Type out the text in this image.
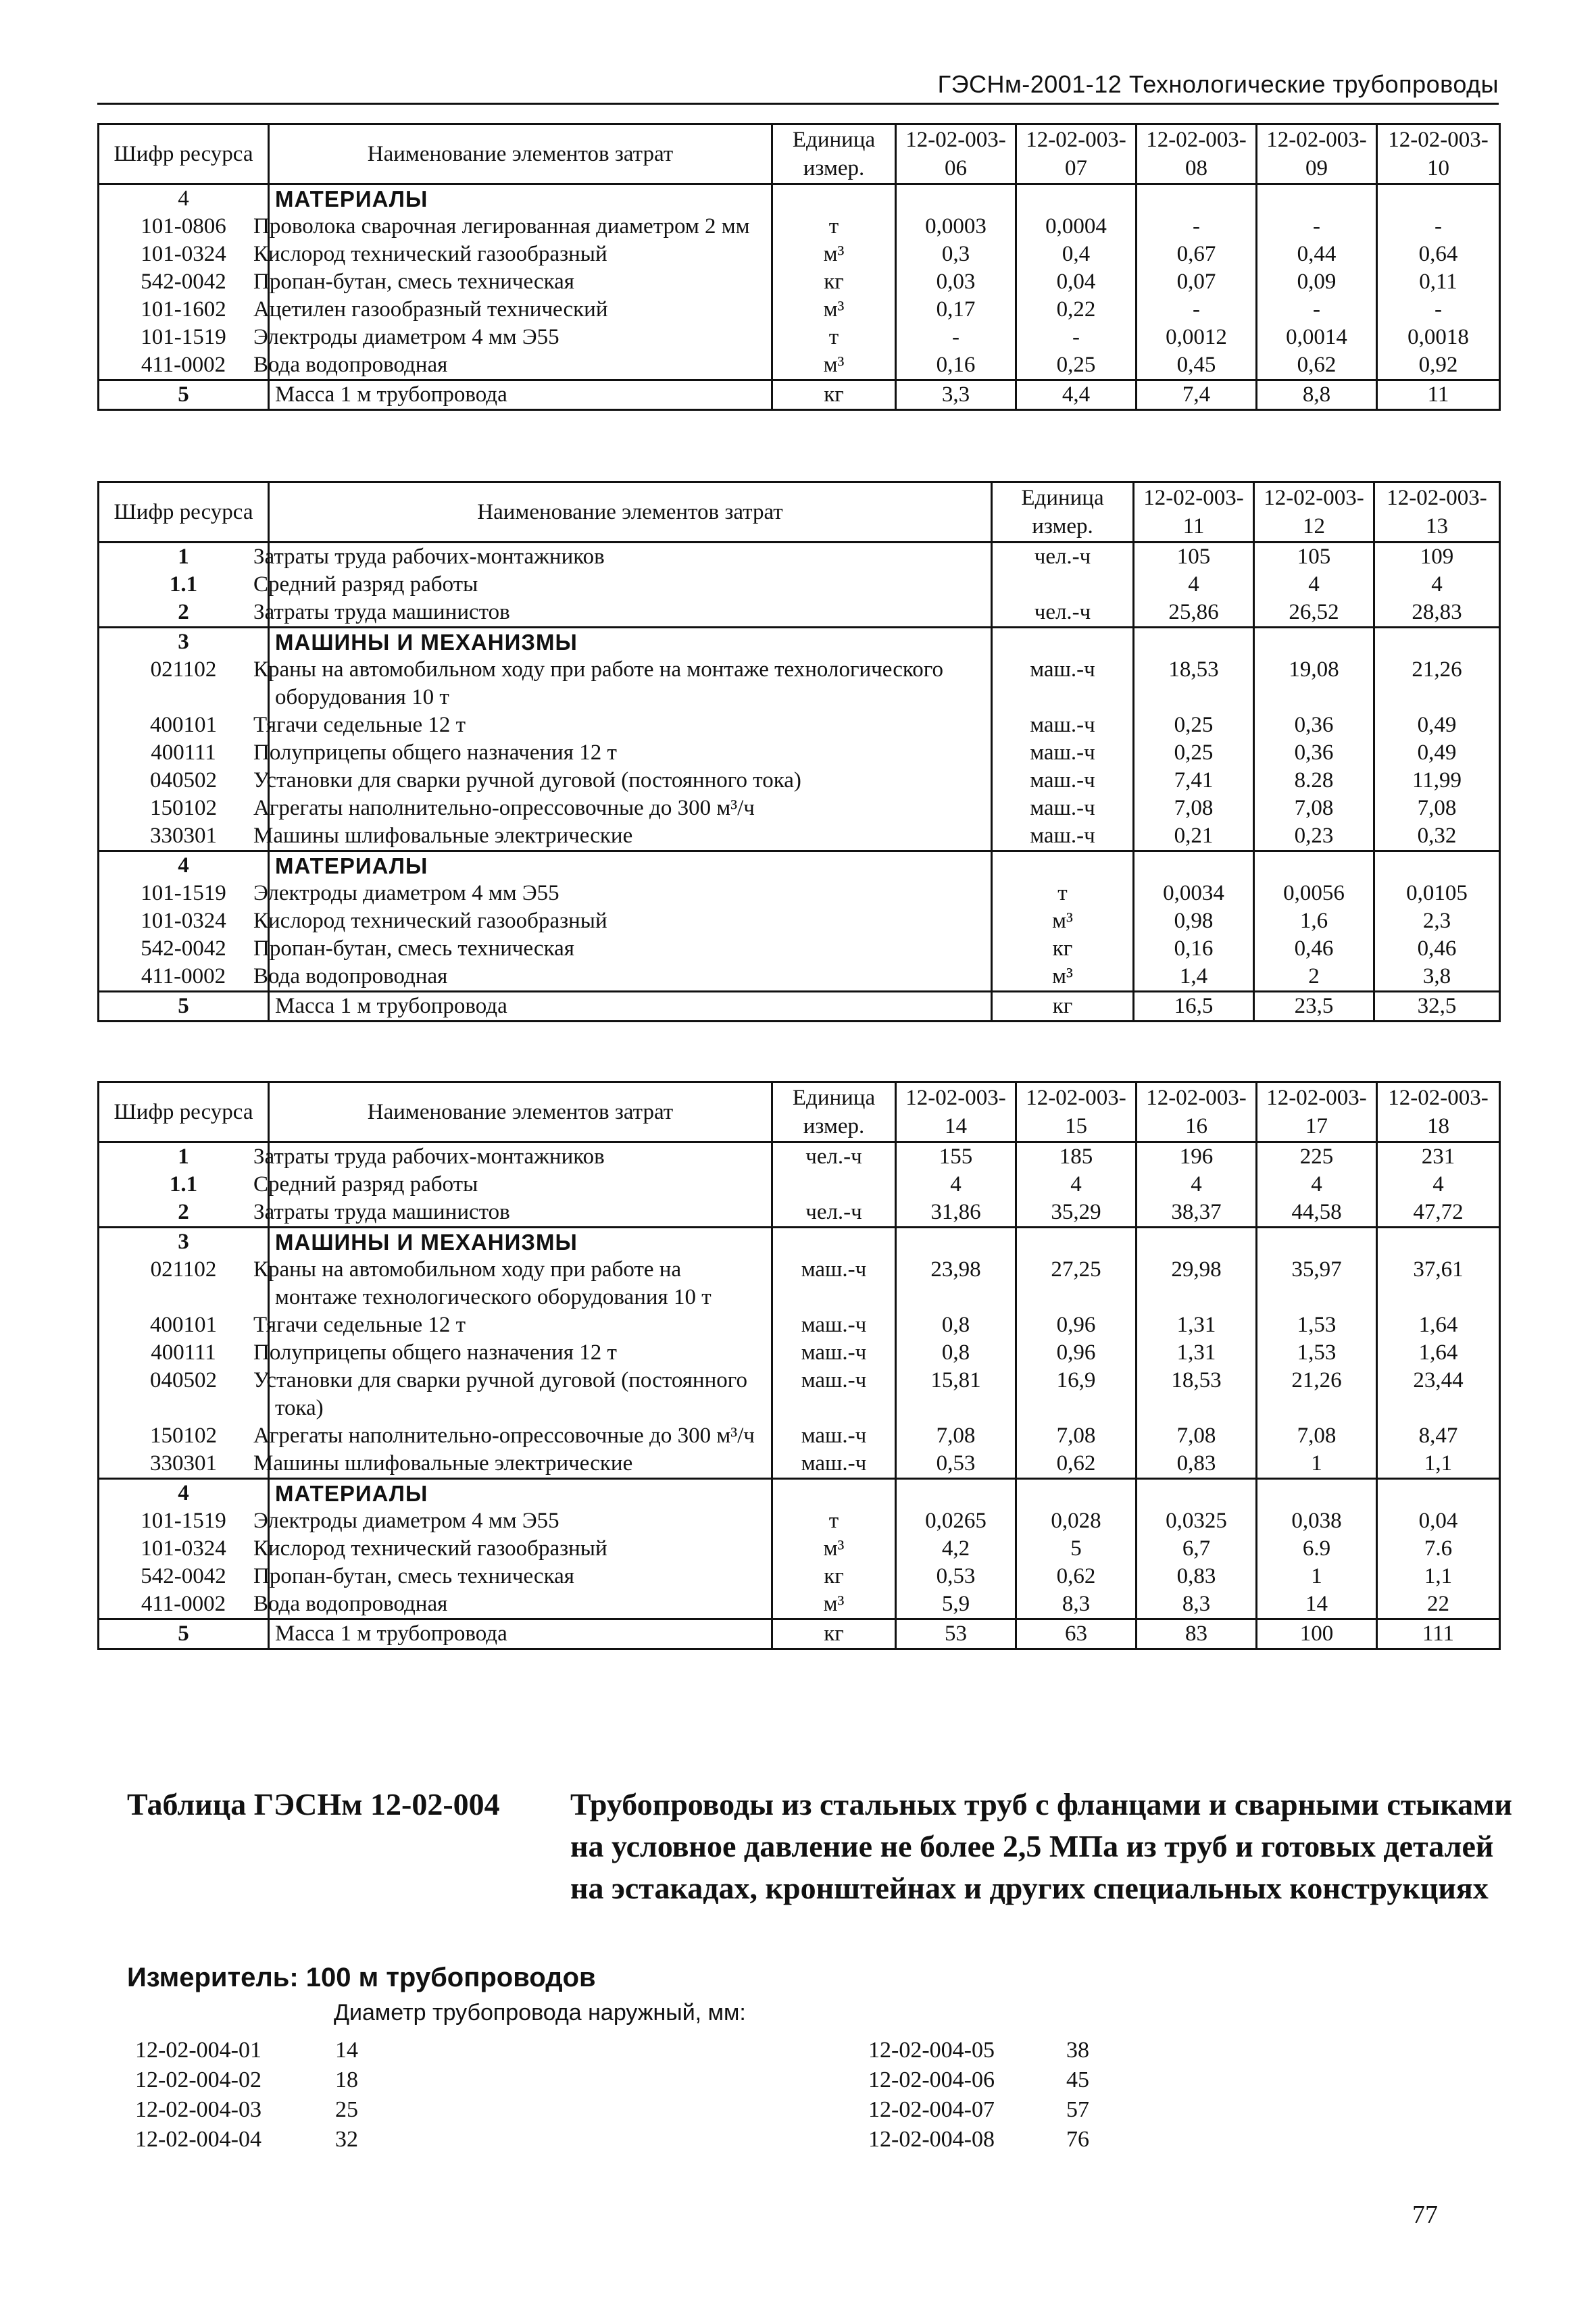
ГЭСНм-2001-12 Технологические трубопроводы
Шифр ресурса	Наименование элементов затрат	Единица измер.	12-02-003-06	12-02-003-07	12-02-003-08	12-02-003-09	12-02-003-10
4	МАТЕРИАЛЫ						
101-0806	Проволока сварочная легированная диаметром 2 мм	т	0,0003	0,0004	-	-	-
101-0324	Кислород технический газообразный	м³	0,3	0,4	0,67	0,44	0,64
542-0042	Пропан-бутан, смесь техническая	кг	0,03	0,04	0,07	0,09	0,11
101-1602	Ацетилен газообразный технический	м³	0,17	0,22	-	-	-
101-1519	Электроды диаметром 4 мм Э55	т	-	-	0,0012	0,0014	0,0018
411-0002	Вода водопроводная	м³	0,16	0,25	0,45	0,62	0,92
5	Масса 1 м трубопровода	кг	3,3	4,4	7,4	8,8	11
Шифр ресурса	Наименование элементов затрат	Единица измер.	12-02-003-11	12-02-003-12	12-02-003-13
1	Затраты труда рабочих-монтажников	чел.-ч	105	105	109
1.1	Средний разряд работы		4	4	4
2	Затраты труда машинистов	чел.-ч	25,86	26,52	28,83
3	МАШИНЫ И МЕХАНИЗМЫ				
021102	Краны на автомобильном ходу при работе на монтаже технологического оборудования 10 т	маш.-ч	18,53	19,08	21,26
400101	Тягачи седельные 12 т	маш.-ч	0,25	0,36	0,49
400111	Полуприцепы общего назначения 12 т	маш.-ч	0,25	0,36	0,49
040502	Установки для сварки ручной дуговой (постоянного тока)	маш.-ч	7,41	8.28	11,99
150102	Агрегаты наполнительно-опрессовочные до 300 м³/ч	маш.-ч	7,08	7,08	7,08
330301	Машины шлифовальные электрические	маш.-ч	0,21	0,23	0,32
4	МАТЕРИАЛЫ				
101-1519	Электроды диаметром 4 мм Э55	т	0,0034	0,0056	0,0105
101-0324	Кислород технический газообразный	м³	0,98	1,6	2,3
542-0042	Пропан-бутан, смесь техническая	кг	0,16	0,46	0,46
411-0002	Вода водопроводная	м³	1,4	2	3,8
5	Масса 1 м трубопровода	кг	16,5	23,5	32,5
Шифр ресурса	Наименование элементов затрат	Единица измер.	12-02-003-14	12-02-003-15	12-02-003-16	12-02-003-17	12-02-003-18
1	Затраты труда рабочих-монтажников	чел.-ч	155	185	196	225	231
1.1	Средний разряд работы		4	4	4	4	4
2	Затраты труда машинистов	чел.-ч	31,86	35,29	38,37	44,58	47,72
3	МАШИНЫ И МЕХАНИЗМЫ						
021102	Краны на автомобильном ходу при работе на монтаже технологического оборудования 10 т	маш.-ч	23,98	27,25	29,98	35,97	37,61
400101	Тягачи седельные 12 т	маш.-ч	0,8	0,96	1,31	1,53	1,64
400111	Полуприцепы общего назначения 12 т	маш.-ч	0,8	0,96	1,31	1,53	1,64
040502	Установки для сварки ручной дуговой (постоянного тока)	маш.-ч	15,81	16,9	18,53	21,26	23,44
150102	Агрегаты наполнительно-опрессовочные до 300 м³/ч	маш.-ч	7,08	7,08	7,08	7,08	8,47
330301	Машины шлифовальные электрические	маш.-ч	0,53	0,62	0,83	1	1,1
4	МАТЕРИАЛЫ						
101-1519	Электроды диаметром 4 мм Э55	т	0,0265	0,028	0,0325	0,038	0,04
101-0324	Кислород технический газообразный	м³	4,2	5	6,7	6.9	7.6
542-0042	Пропан-бутан, смесь техническая	кг	0,53	0,62	0,83	1	1,1
411-0002	Вода водопроводная	м³	5,9	8,3	8,3	14	22
5	Масса 1 м трубопровода	кг	53	63	83	100	111
Таблица ГЭСНм 12-02-004 Трубопроводы из стальных труб с фланцами и сварными стыками на условное давление не более 2,5 МПа из труб и готовых деталей на эстакадах, кронштейнах и других специальных конструкциях
Измеритель: 100 м трубопроводов
Диаметр трубопровода наружный, мм:
12-02-004-01	14
12-02-004-02	18
12-02-004-03	25
12-02-004-04	32
12-02-004-05	38
12-02-004-06	45
12-02-004-07	57
12-02-004-08	76
77
